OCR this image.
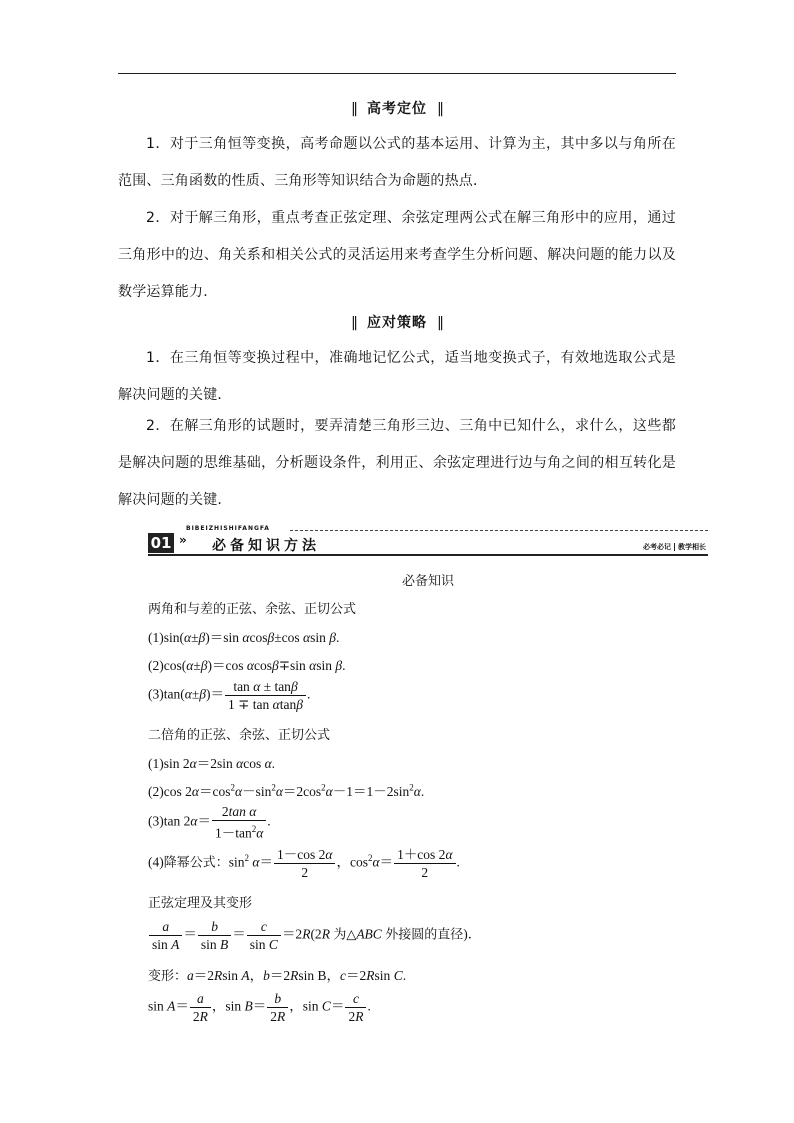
‖ 高考定位 ‖
1．对于三角恒等变换，高考命题以公式的基本运用、计算为主，其中多以与角所在范围、三角函数的性质、三角形等知识结合为命题的热点．
2．对于解三角形，重点考查正弦定理、余弦定理两公式在解三角形中的应用，通过三角形中的边、角关系和相关公式的灵活运用来考查学生分析问题、解决问题的能力以及数学运算能力.
‖ 应对策略 ‖
1．在三角恒等变换过程中，准确地记忆公式，适当地变换式子，有效地选取公式是解决问题的关键．
2．在解三角形的试题时，要弄清楚三角形三边、三角中已知什么，求什么，这些都是解决问题的思维基础，分析题设条件，利用正、余弦定理进行边与角之间的相互转化是解决问题的关键.
BIBEIZHISHIFANGFA
01 » 必备知识方法	必考必记 教学相长
必备知识
两角和与差的正弦、余弦、正切公式
(1)sin(α±β)＝sin αcosβ±cos αsin β.
(2)cos(α±β)＝cos αcosβ∓sin αsin β.
$(3)\tan(\alpha\pm\beta)= \frac{\text{tan α ± tanβ}}{\text{1 ∓ tan αtanβ}}$ .
二倍角的正弦、余弦、正切公式
(1)sin 2α＝2sin αcos α.
(2)cos $2\alpha=\cos^2\alpha-\sin^2\alpha=2\cos^2\alpha-1=1-2\sin^2\alpha$.
(3)tan $2\alpha= \frac{\text{2tan α}}{1-\tan^2\alpha}$ .
(4)降幂公式：$\sin^2 \alpha= \frac{1-\cos 2\alpha}{2}$ ，$\cos^2\alpha= \frac{1+\cos 2\alpha}{2}$ .
正弦定理及其变形
$\frac{a}{\text{sin A}} = \frac{b}{\text{sin B}} = \frac{c}{\text{sin C}} =2R(2R$ 为△ABC 外接圆的直径)．
变形：a＝2Rsin A，b＝2Rsin B，c＝2Rsin C.
$\sin A= \frac{a}{2R}$ ，$\sin B= \frac{b}{2R}$ ，$\sin C= \frac{c}{2R}$ .
